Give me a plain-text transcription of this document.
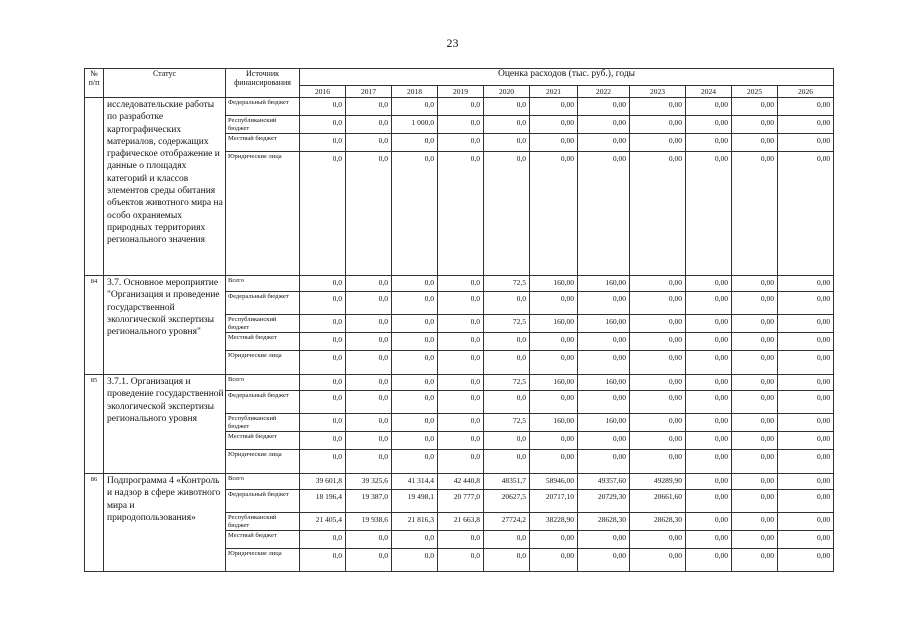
23
№
п/п	Статус	Источник финансирования	Оценка расходов (тыс. руб.), годы										
			2016	2017	2018	2019	2020	2021	2022	2023	2024	2025	2026
	исследовательские работы по разработке картографических материалов, содержащих графическое отображение и данные о площадях категорий и классов элементов среды обитания объектов животного мира на особо охраняемых природных территориях регионального значения	Федеральный бюджет	0,0	0,0	0,0	0,0	0,0	0,00	0,00	0,00	0,00	0,00	0,00
		Республиканский бюджет	0,0	0,0	1 000,0	0,0	0,0	0,00	0,00	0,00	0,00	0,00	0,00
		Местный бюджет	0,0	0,0	0,0	0,0	0,0	0,00	0,00	0,00	0,00	0,00	0,00
		Юридические лица	0,0	0,0	0,0	0,0	0,0	0,00	0,00	0,00	0,00	0,00	0,00
84	3.7. Основное мероприятие "Организация и проведение государственной экологической экспертизы регионального уровня"	Всего	0,0	0,0	0,0	0,0	72,5	160,00	160,00	0,00	0,00	0,00	0,00
		Федеральный бюджет	0,0	0,0	0,0	0,0	0,0	0,00	0,00	0,00	0,00	0,00	0,00
		Республиканский бюджет	0,0	0,0	0,0	0,0	72,5	160,00	160,00	0,00	0,00	0,00	0,00
		Местный бюджет	0,0	0,0	0,0	0,0	0,0	0,00	0,00	0,00	0,00	0,00	0,00
		Юридические лица	0,0	0,0	0,0	0,0	0,0	0,00	0,00	0,00	0,00	0,00	0,00
85	3.7.1. Организация и проведение государственной экологической экспертизы регионального уровня	Всего	0,0	0,0	0,0	0,0	72,5	160,00	160,00	0,00	0,00	0,00	0,00
		Федеральный бюджет	0,0	0,0	0,0	0,0	0,0	0,00	0,00	0,00	0,00	0,00	0,00
		Республиканский бюджет	0,0	0,0	0,0	0,0	72,5	160,00	160,00	0,00	0,00	0,00	0,00
		Местный бюджет	0,0	0,0	0,0	0,0	0,0	0,00	0,00	0,00	0,00	0,00	0,00
		Юридические лица	0,0	0,0	0,0	0,0	0,0	0,00	0,00	0,00	0,00	0,00	0,00
86	Подпрограмма 4 «Контроль и надзор в сфере животного мира и природопользования»	Всего	39 601,8	39 325,6	41 314,4	42 440,8	48351,7	58946,00	49357,60	49289,90	0,00	0,00	0,00
		Федеральный бюджет	18 196,4	19 387,0	19 498,1	20 777,0	20627,5	20717,10	20729,30	20661,60	0,00	0,00	0,00
		Республиканский бюджет	21 405,4	19 938,6	21 816,3	21 663,8	27724,2	38228,90	28628,30	28628,30	0,00	0,00	0,00
		Местный бюджет	0,0	0,0	0,0	0,0	0,0	0,00	0,00	0,00	0,00	0,00	0,00
		Юридические лица	0,0	0,0	0,0	0,0	0,0	0,00	0,00	0,00	0,00	0,00	0,00
